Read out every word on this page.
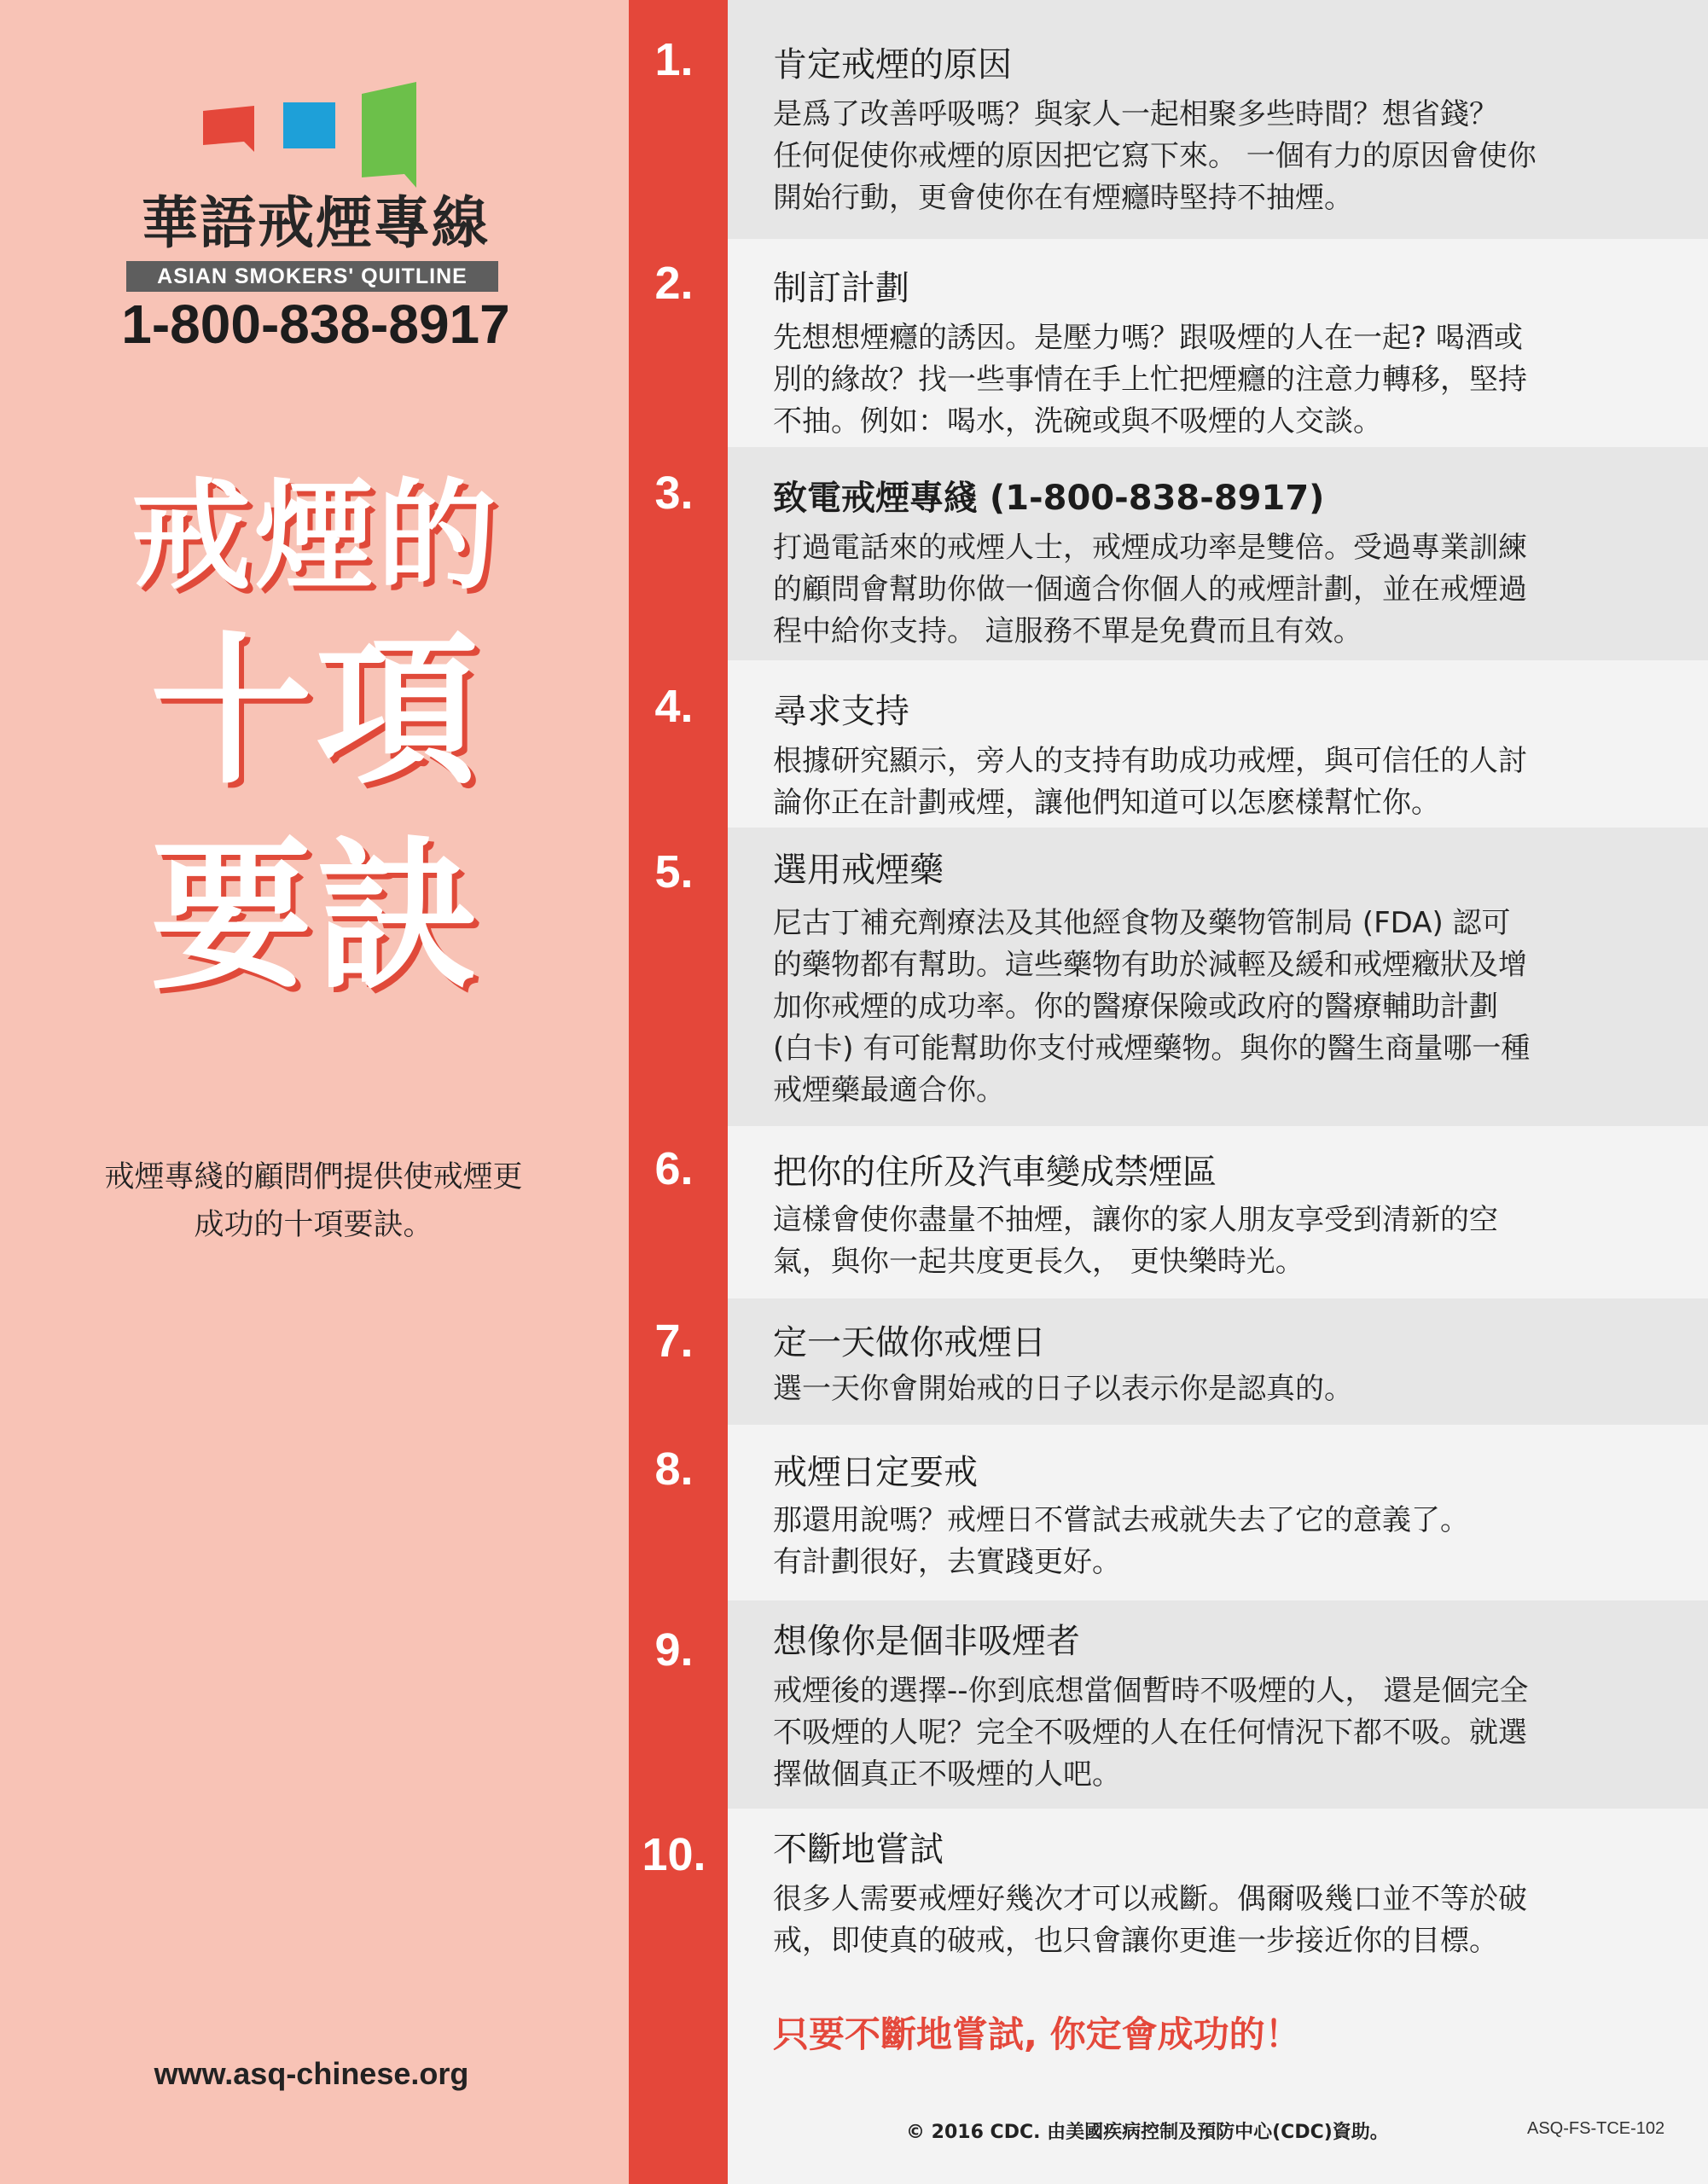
華語戒煙專線
ASIAN SMOKERS' QUITLINE
1-800-838-8917
戒煙的
十項
要訣
戒煙專綫的顧問們提供使戒煙更
成功的十項要訣。
www.asq-chinese.org
1.	肯定戒煙的原因
是爲了改善呼吸嗎？與家人一起相聚多些時間？想省錢？
任何促使你戒煙的原因把它寫下來。 一個有力的原因會使你
開始行動，更會使你在有煙癮時堅持不抽煙。
2.	制訂計劃
先想想煙癮的誘因。是壓力嗎？跟吸煙的人在一起? 喝酒或
別的緣故？找一些事情在手上忙把煙癮的注意力轉移，堅持
不抽。例如：喝水，洗碗或與不吸煙的人交談。
3.	致電戒煙專綫 (1-800-838-8917)
打過電話來的戒煙人士，戒煙成功率是雙倍。受過專業訓練
的顧問會幫助你做一個適合你個人的戒煙計劃，並在戒煙過
程中給你支持。 這服務不單是免費而且有效。
4.	尋求支持
根據研究顯示，旁人的支持有助成功戒煙，與可信任的人討
論你正在計劃戒煙，讓他們知道可以怎麽樣幫忙你。
5.	選用戒煙藥
尼古丁補充劑療法及其他經食物及藥物管制局 (FDA) 認可
的藥物都有幫助。這些藥物有助於減輕及緩和戒煙癥狀及增
加你戒煙的成功率。你的醫療保險或政府的醫療輔助計劃
(白卡) 有可能幫助你支付戒煙藥物。與你的醫生商量哪一種
戒煙藥最適合你。
6.	把你的住所及汽車變成禁煙區
這樣會使你盡量不抽煙，讓你的家人朋友享受到清新的空
氣，與你一起共度更長久， 更快樂時光。
7.	定一天做你戒煙日
選一天你會開始戒的日子以表示你是認真的。
8.	戒煙日定要戒
那還用說嗎？戒煙日不嘗試去戒就失去了它的意義了。
有計劃很好，去實踐更好。
9.	想像你是個非吸煙者
戒煙後的選擇--你到底想當個暫時不吸煙的人， 還是個完全
不吸煙的人呢？完全不吸煙的人在任何情況下都不吸。就選
擇做個真正不吸煙的人吧。
10.	不斷地嘗試
很多人需要戒煙好幾次才可以戒斷。偶爾吸幾口並不等於破
戒，即使真的破戒，也只會讓你更進一步接近你的目標。
只要不斷地嘗試, 你定會成功的！
© 2016 CDC. 由美國疾病控制及預防中心(CDC)資助。	ASQ-FS-TCE-102
